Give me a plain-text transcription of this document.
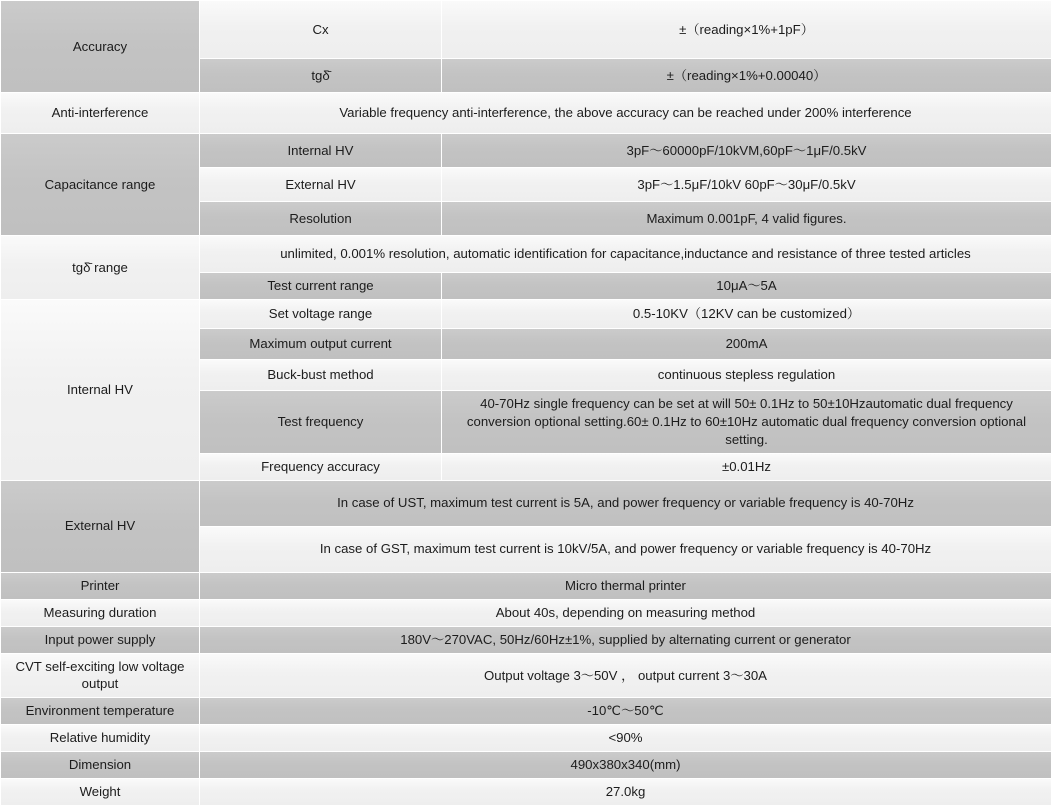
Accuracy	Cx	±（reading×1%+1pF）
	tgδ̄	±（reading×1%+0.00040）
Anti-interference	Variable frequency anti-interference, the above accuracy can be reached under 200% interference	
Capacitance range	Internal HV	3pF～60000pF/10kVM,60pF～1μF/0.5kV
	External HV	3pF～1.5μF/10kV 60pF～30μF/0.5kV
	Resolution	Maximum 0.001pF, 4 valid figures.
tgδ̄ range	unlimited, 0.001% resolution, automatic identification for capacitance,inductance and resistance of three tested articles	
	Test current range	10μA～5A
Internal HV	Set voltage range	0.5-10KV（12KV can be customized）
	Maximum output current	200mA
	Buck-bust method	continuous stepless regulation
	Test frequency	40-70Hz single frequency can be set at will 50± 0.1Hz to 50±10Hzautomatic dual frequency conversion optional setting.60± 0.1Hz to 60±10Hz automatic dual frequency conversion optional setting.
	Frequency accuracy	±0.01Hz
External HV	In case of UST, maximum test current is 5A, and power frequency or variable frequency is 40-70Hz	
	In case of GST, maximum test current is 10kV/5A, and power frequency or variable frequency is 40-70Hz	
Printer	Micro thermal printer	
Measuring duration	About 40s, depending on measuring method	
Input power supply	180V～270VAC, 50Hz/60Hz±1%, supplied by alternating current or generator	
CVT self-exciting low voltage output	Output voltage 3～50V ， output current 3～30A	
Environment temperature	-10℃～50℃	
Relative humidity	<90%	
Dimension	490x380x340(mm)	
Weight	27.0kg	
